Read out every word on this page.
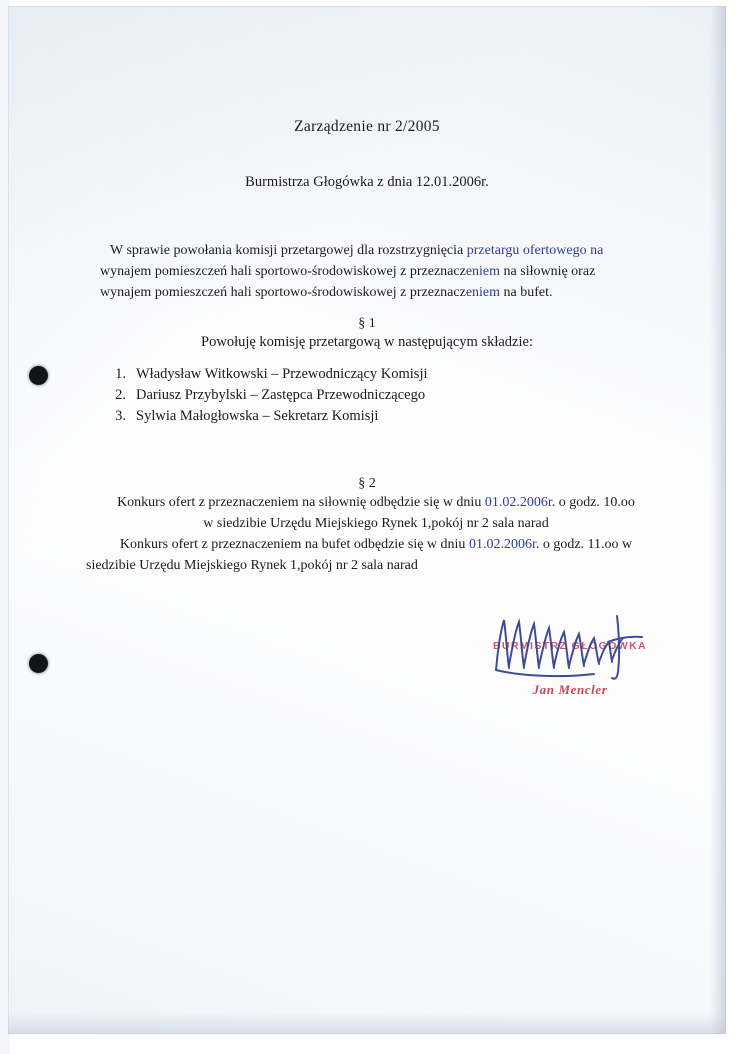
Zarządzenie nr 2/2005
Burmistrza Głogówka z dnia 12.01.2006r.
W sprawie powołania komisji przetargowej dla rozstrzygnięcia przetargu ofertowego na
wynajem pomieszczeń hali sportowo-środowiskowej z przeznaczeniem na siłownię oraz
wynajem pomieszczeń hali sportowo-środowiskowej z przeznaczeniem na bufet.
§ 1
Powołuję komisję przetargową w następującym składzie:
1. Władysław Witkowski – Przewodniczący Komisji
2. Dariusz Przybylski – Zastępca Przewodniczącego
3. Sylwia Małogłowska – Sekretarz Komisji
§ 2
Konkurs ofert z przeznaczeniem na siłownię odbędzie się w dniu 01.02.2006r. o godz. 10.oo
w siedzibie Urzędu Miejskiego Rynek 1,pokój nr 2 sala narad
Konkurs ofert z przeznaczeniem na bufet odbędzie się w dniu 01.02.2006r. o godz. 11.oo w
siedzibie Urzędu Miejskiego Rynek 1,pokój nr 2 sala narad
BURMISTRZ GŁOGÓWKA
Jan Mencler
